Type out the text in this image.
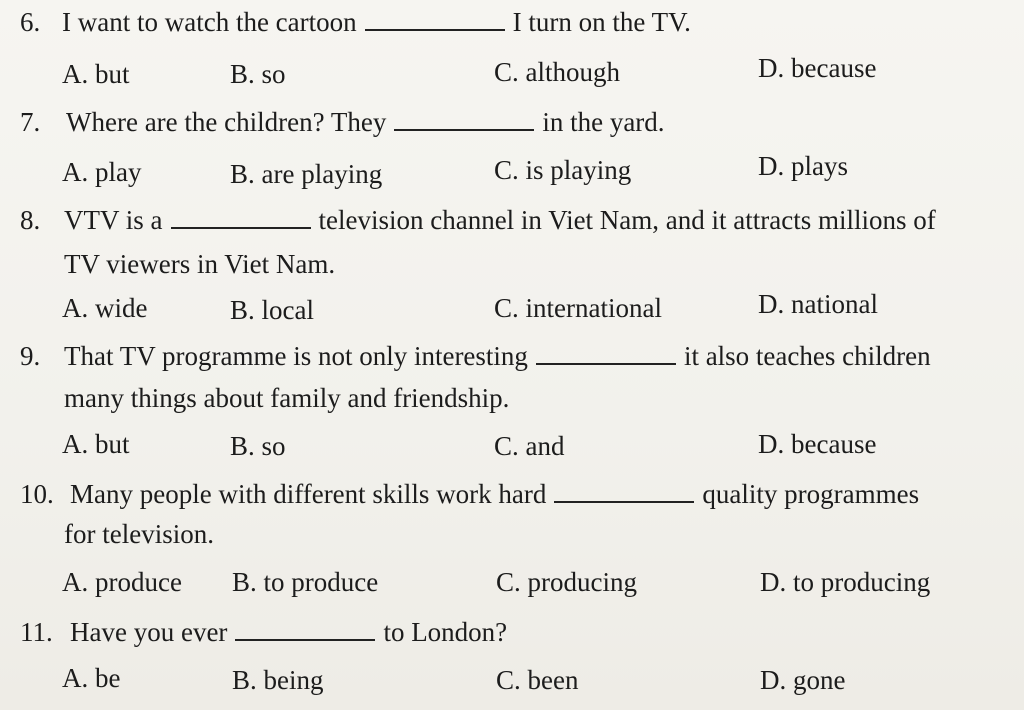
6. I want to watch the cartoon	I turn on the TV.
A. but	B. so	C. although	D. because
7. Where are the children? They	in the yard.
A. play	B. are playing	C. is playing	D. plays
8. VTV is a	television channel in Viet Nam, and it attracts millions of
TV viewers in Viet Nam.
A. wide	B. local	C. international	D. national
9. That TV programme is not only interesting	it also teaches children
many things about family and friendship.
A. but	B. so	C. and	D. because
10. Many people with different skills work hard	quality programmes
for television.
A. produce B. to produce	C. producing	D. to producing
11. Have you ever	to London?
A. be	B. being	C. been	D. gone
